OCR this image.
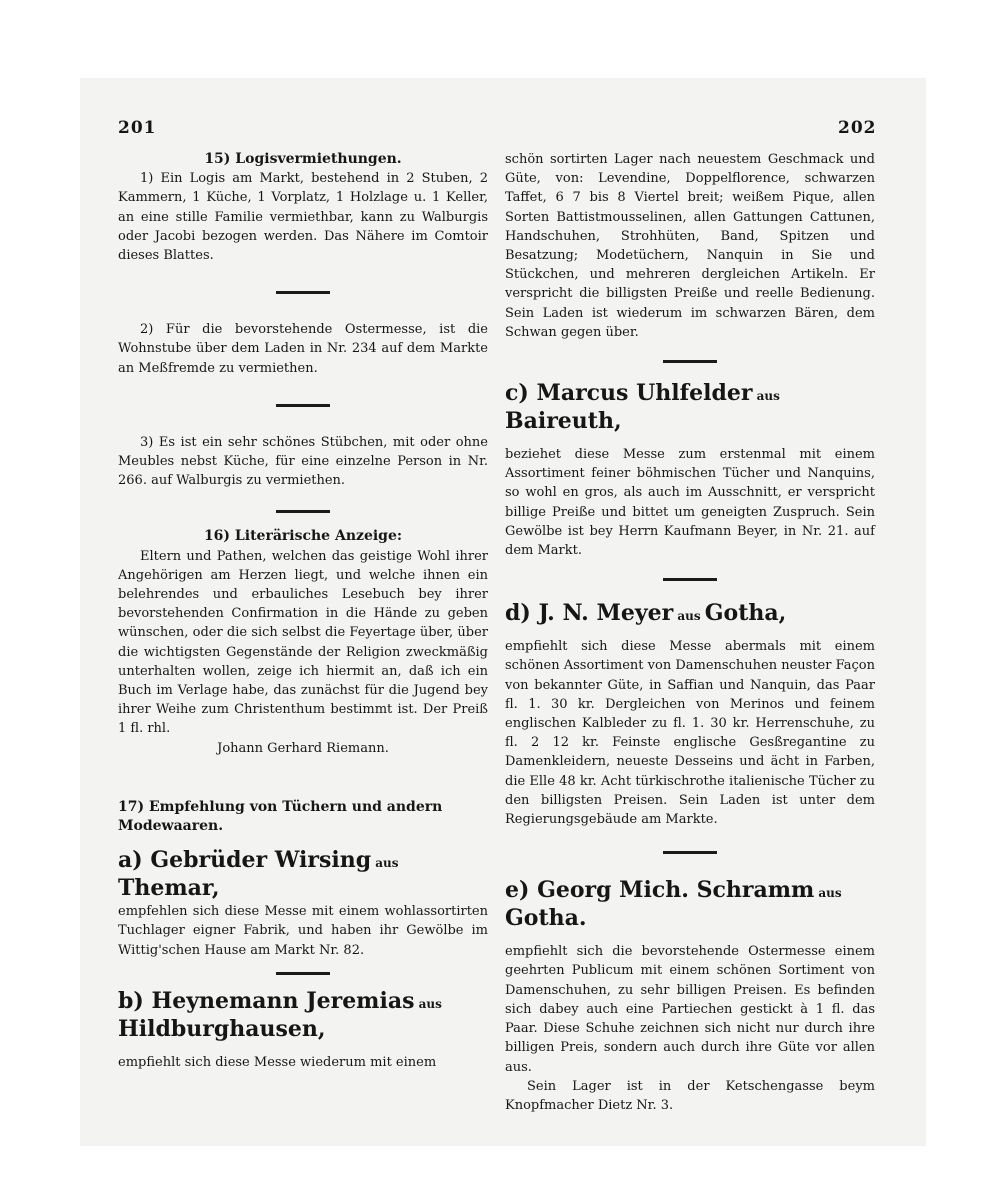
201	202

15) Logisvermiethungen.

1) Ein Logis am Markt, bestehend in 2 Stuben, 2 Kammern, 1 Küche, 1 Vorplatz, 1 Holzlage u. 1 Keller, an eine stille Familie vermiethbar, kann zu Walburgis oder Jacobi bezogen werden. Das Nähere im Comtoir dieses Blattes.

2) Für die bevorstehende Ostermesse, ist die Wohnstube über dem Laden in Nr. 234 auf dem Markte an Meßfremde zu vermiethen.

3) Es ist ein sehr schönes Stübchen, mit oder ohne Meubles nebst Küche, für eine einzelne Person in Nr. 266. auf Walburgis zu vermiethen.

16) Literärische Anzeige:

Eltern und Pathen, welchen das geistige Wohl ihrer Angehörigen am Herzen liegt, und welche ihnen ein belehrendes und erbauliches Lesebuch bey ihrer bevorstehenden Confirmation in die Hände zu geben wünschen, oder die sich selbst die Feyertage über, über die wichtigsten Gegenstände der Religion zweckmäßig unterhalten wollen, zeige ich hiermit an, daß ich ein Buch im Verlage habe, das zunächst für die Jugend bey ihrer Weihe zum Christenthum bestimmt ist. Der Preiß 1 fl. rhl.

Johann Gerhard Riemann.

17) Empfehlung von Tüchern und andern Modewaaren.

a) Gebrüder Wirsing aus Themar,

empfehlen sich diese Messe mit einem wohlassortirten Tuchlager eigner Fabrik, und haben ihr Gewölbe im Wittig'schen Hause am Markt Nr. 82.

b) Heynemann Jeremias aus Hildburghausen,

empfiehlt sich diese Messe wiederum mit einem

schön sortirten Lager nach neuestem Geschmack und Güte, von: Levendine, Doppelflorence, schwarzen Taffet, 6 7 bis 8 Viertel breit; weißem Pique, allen Sorten Battistmousselinen, allen Gattungen Cattunen, Handschuhen, Strohhüten, Band, Spitzen und Besatzung; Modetüchern, Nanquin in Sie und Stückchen, und mehreren dergleichen Artikeln. Er verspricht die billigsten Preiße und reelle Bedienung. Sein Laden ist wiederum im schwarzen Bären, dem Schwan gegen über.

c) Marcus Uhlfelder aus Baireuth,

beziehet diese Messe zum erstenmal mit einem Assortiment feiner böhmischen Tücher und Nanquins, so wohl en gros, als auch im Ausschnitt, er verspricht billige Preiße und bittet um geneigten Zuspruch. Sein Gewölbe ist bey Herrn Kaufmann Beyer, in Nr. 21. auf dem Markt.

d) J. N. Meyer aus Gotha,

empfiehlt sich diese Messe abermals mit einem schönen Assortiment von Damenschuhen neuster Façon von bekannter Güte, in Saffian und Nanquin, das Paar fl. 1. 30 kr. Dergleichen von Merinos und feinem englischen Kalbleder zu fl. 1. 30 kr. Herrenschuhe, zu fl. 2 12 kr. Feinste englische Gesßregantine zu Damenkleidern, neueste Desseins und ächt in Farben, die Elle 48 kr. Acht türkischrothe italienische Tücher zu den billigsten Preisen. Sein Laden ist unter dem Regierungsgebäude am Markte.

e) Georg Mich. Schramm aus Gotha.

empfiehlt sich die bevorstehende Ostermesse einem geehrten Publicum mit einem schönen Sortiment von Damenschuhen, zu sehr billigen Preisen. Es befinden sich dabey auch eine Partiechen gestickt à 1 fl. das Paar. Diese Schuhe zeichnen sich nicht nur durch ihre billigen Preis, sondern auch durch ihre Güte vor allen aus.

Sein Lager ist in der Ketschengasse beym Knopfmacher Dietz Nr. 3.
